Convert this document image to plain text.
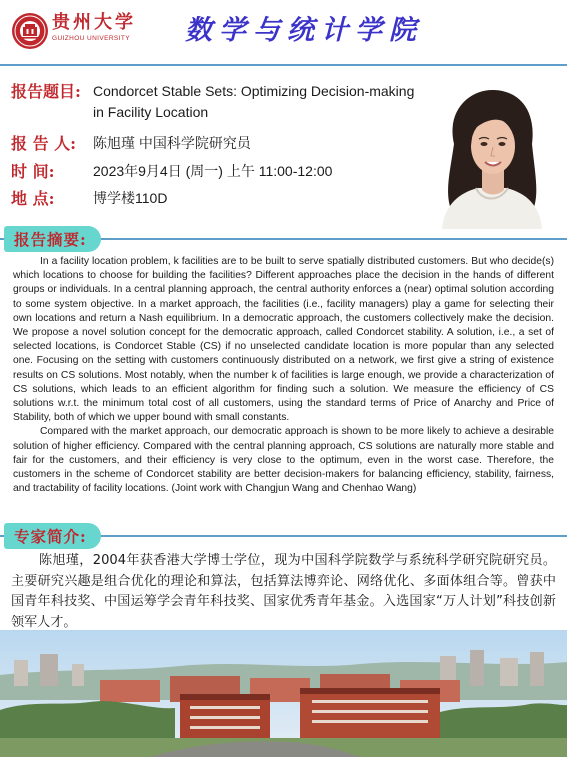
贵州大学
GUIZHOU UNIVERSITY 数学与统计学院
报告题目: Condorcet Stable Sets: Optimizing Decision-making in Facility Location
报 告 人:	陈旭瑾 中国科学院研究员
时 间:	2023年9月4日 (周一) 上午 11:00-12:00
地 点:	博学楼110D
报告摘要:

In a facility location problem, k facilities are to be built to serve spatially distributed customers. But who decide(s) which locations to choose for building the facilities? Different approaches place the decision in the hands of different groups or individuals. In a central planning approach, the central authority enforces a (near) optimal solution according to some system objective. In a market approach, the facilities (i.e., facility managers) play a game for selecting their own locations and return a Nash equilibrium. In a democratic approach, the customers collectively make the decision. We propose a novel solution concept for the democratic approach, called Condorcet stability. A solution, i.e., a set of selected locations, is Condorcet Stable (CS) if no unselected candidate location is more popular than any selected one. Focusing on the setting with customers continuously distributed on a network, we first give a string of existence results on CS solutions. Most notably, when the number k of facilities is large enough, we provide a characterization of CS solutions, which leads to an efficient algorithm for finding such a solution. We measure the efficiency of CS solutions w.r.t. the minimum total cost of all customers, using the standard terms of Price of Anarchy and Price of Stability, both of which we upper bound with small constants.

Compared with the market approach, our democratic approach is shown to be more likely to achieve a desirable solution of higher efficiency. Compared with the central planning approach, CS solutions are naturally more stable and fair for the customers, and their efficiency is very close to the optimum, even in the worst case. Therefore, the customers in the scheme of Condorcet stability are better decision-makers for balancing efficiency, stability, fairness, and tractability of facility locations. (Joint work with Changjun Wang and Chenhao Wang)

专家简介:
陈旭瑾，2004年获香港大学博士学位，现为中国科学院数学与系统科学研究院研究员。主要研究兴趣是组合优化的理论和算法，包括算法博弈论、网络优化、多面体组合等。曾获中国青年科技奖、中国运筹学会青年科技奖、国家优秀青年基金。入选国家“万人计划”科技创新领军人才。
